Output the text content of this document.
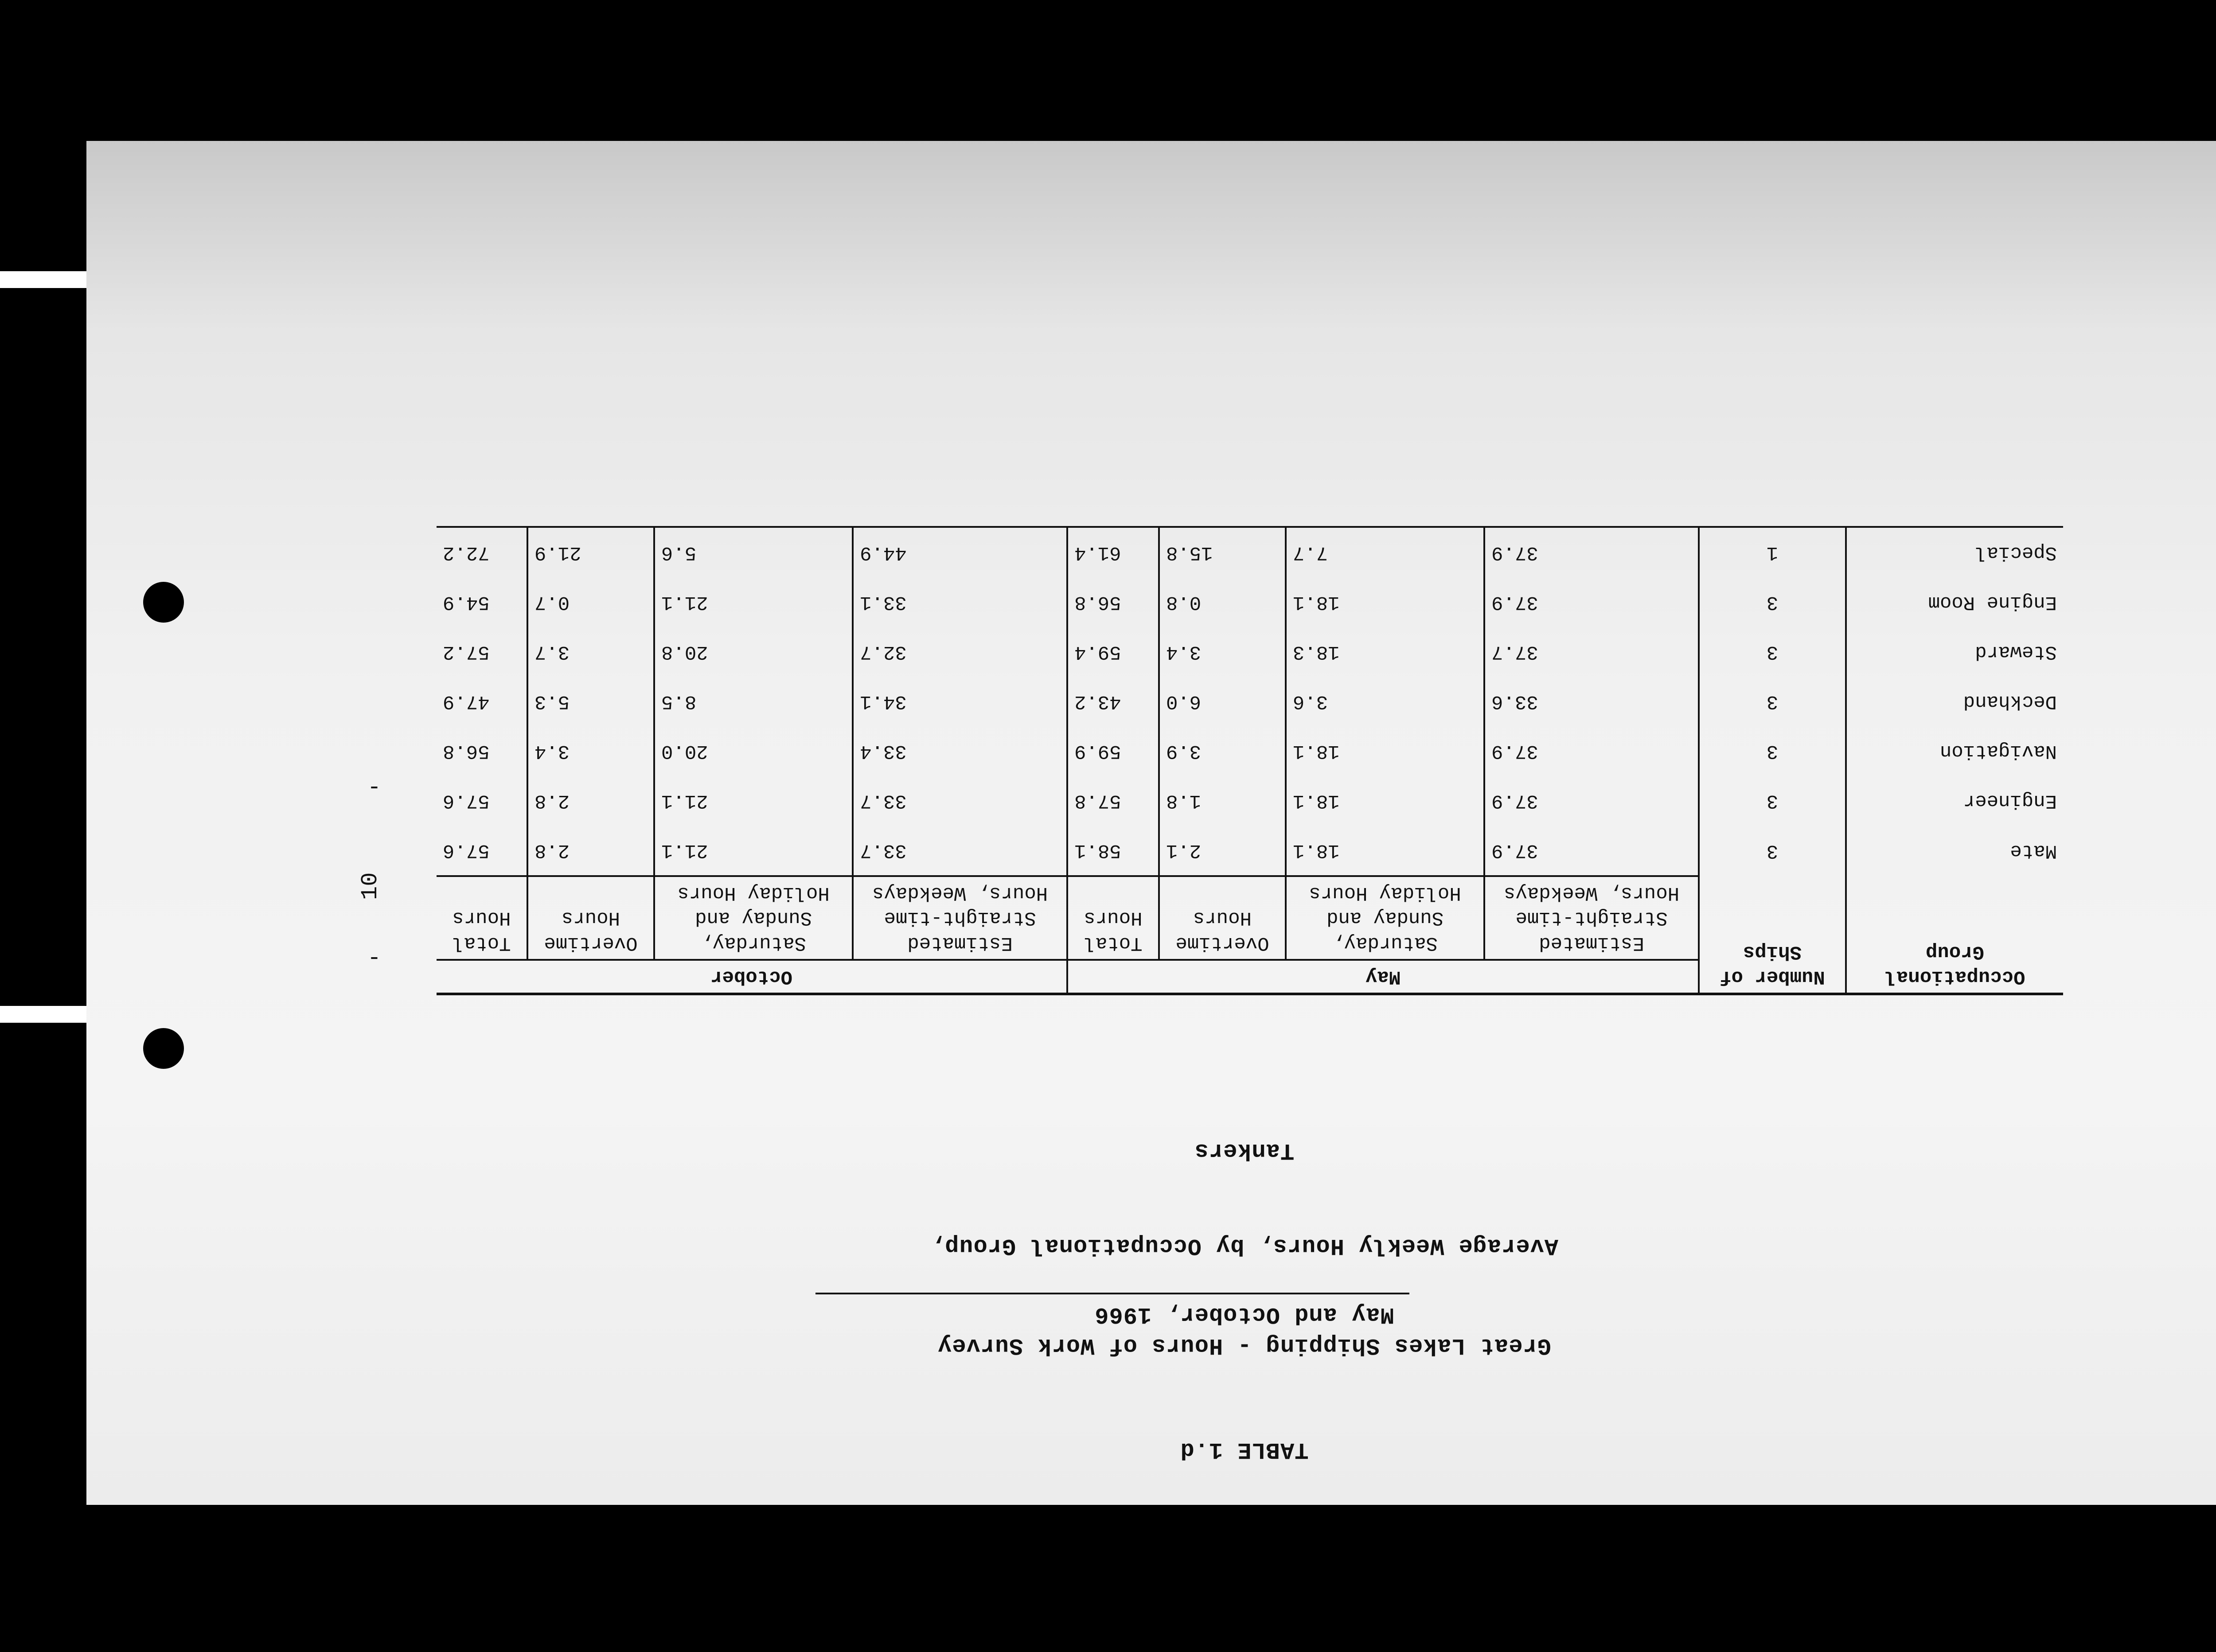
TABLE 1.d
Great Lakes Shipping - Hours of Work Survey
May and October, 1966
Average Weekly Hours, by Occupational Group,
Tankers
-
10
-
Occupational Group	Number of Ships	May				October			
		Estimated Straight-time Hours, Weekdays	Saturday, Sunday and Holiday Hours	Overtime Hours	Total Hours	Estimated Straight-time Hours, Weekdays	Saturday, Sunday and Holiday Hours	Overtime Hours	Total Hours
Mate	3	37.9	18.1	2.1	58.1	33.7	21.1	2.8	57.6
Engineer	3	37.9	18.1	1.8	57.8	33.7	21.1	2.8	57.6
Navigation	3	37.9	18.1	3.9	59.9	33.4	20.0	3.4	56.8
Deckhand	3	33.6	3.6	6.0	43.2	34.1	8.5	5.3	47.9
Steward	3	37.7	18.3	3.4	59.4	32.7	20.8	3.7	57.2
Engine Room	3	37.9	18.1	0.8	56.8	33.1	21.1	0.7	54.9
Special	1	37.9	7.7	15.8	61.4	44.9	5.6	21.9	72.2
